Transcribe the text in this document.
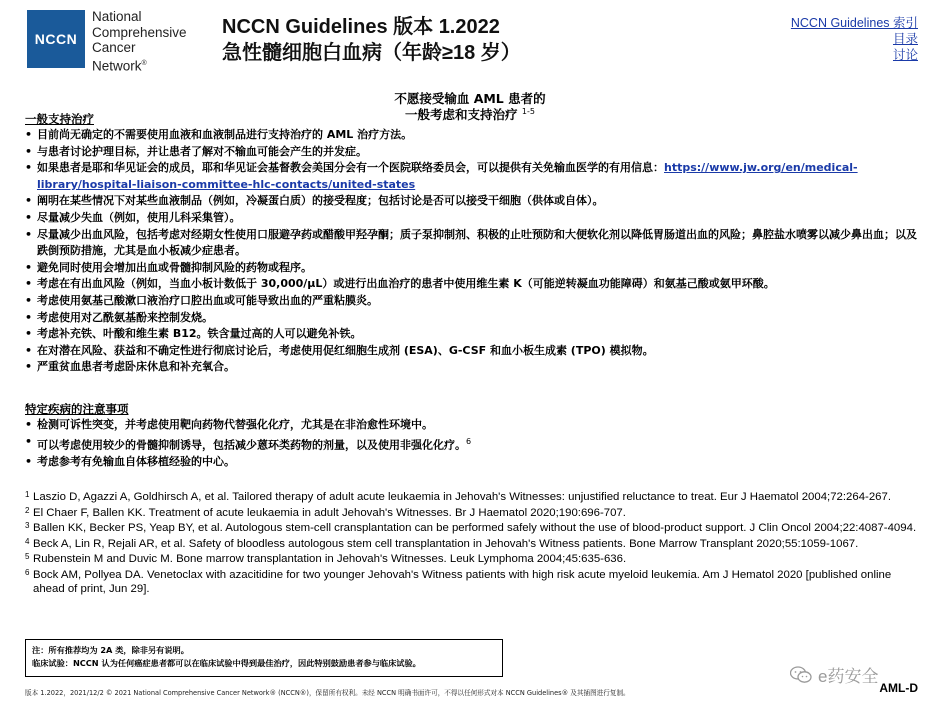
NCCN
National
Comprehensive
Cancer
Network®
NCCN Guidelines 版本 1.2022
急性髓细胞白血病（年龄≥18 岁）
NCCN Guidelines 索引
目录
讨论
不愿接受输血 AML 患者的
一般考虑和支持治疗 $^{1-5}$
一般支持治疗
• 目前尚无确定的不需要使用血液和血液制品进行支持治疗的 AML 治疗方法。
• 与患者讨论护理目标，并让患者了解对不输血可能会产生的并发症。
• 如果患者是耶和华见证会的成员，耶和华见证会基督教会美国分会有一个医院联络委员会，可以提供有关免输血医学的有用信息：https://www.jw.org/en/medical-library/hospital-liaison-committee-hlc-contacts/united-states
• 阐明在某些情况下对某些血液制品（例如，冷凝蛋白质）的接受程度；包括讨论是否可以接受干细胞（供体或自体）。
• 尽量减少失血（例如，使用儿科采集管）。
• 尽量减少出血风险，包括考虑对经期女性使用口服避孕药或醋酸甲羟孕酮；质子泵抑制剂、积极的止吐预防和大便软化剂以降低胃肠道出血的风险；鼻腔盐水喷雾以减少鼻出血；以及跌倒预防措施，尤其是血小板减少症患者。
• 避免同时使用会增加出血或骨髓抑制风险的药物或程序。
• 考虑在有出血风险（例如，当血小板计数低于 30,000/μL）或进行出血治疗的患者中使用维生素 K（可能逆转凝血功能障碍）和氨基己酸或氨甲环酸。
• 考虑使用氨基己酸漱口液治疗口腔出血或可能导致出血的严重粘膜炎。
• 考虑使用对乙酰氨基酚来控制发烧。
• 考虑补充铁、叶酸和维生素 B12。铁含量过高的人可以避免补铁。
• 在对潜在风险、获益和不确定性进行彻底讨论后，考虑使用促红细胞生成剂 (ESA)、G-CSF 和血小板生成素 (TPO) 模拟物。
• 严重贫血患者考虑卧床休息和补充氧合。
特定疾病的注意事项
• 检测可诉性突变，并考虑使用靶向药物代替强化化疗，尤其是在非治愈性环境中。
• 可以考虑使用较少的骨髓抑制诱导，包括减少蒽环类药物的剂量，以及使用非强化化疗。$^6$
• 考虑参考有免输血自体移植经验的中心。
1 Laszio D, Agazzi A, Goldhirsch A, et al. Tailored therapy of adult acute leukaemia in Jehovah's Witnesses: unjustified reluctance to treat. Eur J Haematol 2004;72:264-267.
2 El Chaer F, Ballen KK. Treatment of acute leukaemia in adult Jehovah's Witnesses. Br J Haematol 2020;190:696-707.
3 Ballen KK, Becker PS, Yeap BY, et al. Autologous stem-cell cransplantation can be performed safely without the use of blood-product support. J Clin Oncol 2004;22:4087-4094.
4 Beck A, Lin R, Rejali AR, et al. Safety of bloodless autologous stem cell transplantation in Jehovah's Witness patients. Bone Marrow Transplant 2020;55:1059-1067.
5 Rubenstein M and Duvic M. Bone marrow transplantation in Jehovah's Witnesses. Leuk Lymphoma 2004;45:635-636.
6 Bock AM, Pollyea DA. Venetoclax with azacitidine for two younger Jehovah's Witness patients with high risk acute myeloid leukemia. Am J Hematol 2020 [published online ahead of print, Jun 29].
注：所有推荐均为 2A 类，除非另有说明。
临床试验：NCCN 认为任何癌症患者都可以在临床试验中得到最佳治疗，因此特别鼓励患者参与临床试验。
e药安全
版本 1.2022，2021/12/2 © 2021 National Comprehensive Cancer Network® (NCCN®)，保留所有权利。未经 NCCN 明确书面许可，不得以任何形式对本 NCCN Guidelines® 及其插图进行复制。	AML-D
